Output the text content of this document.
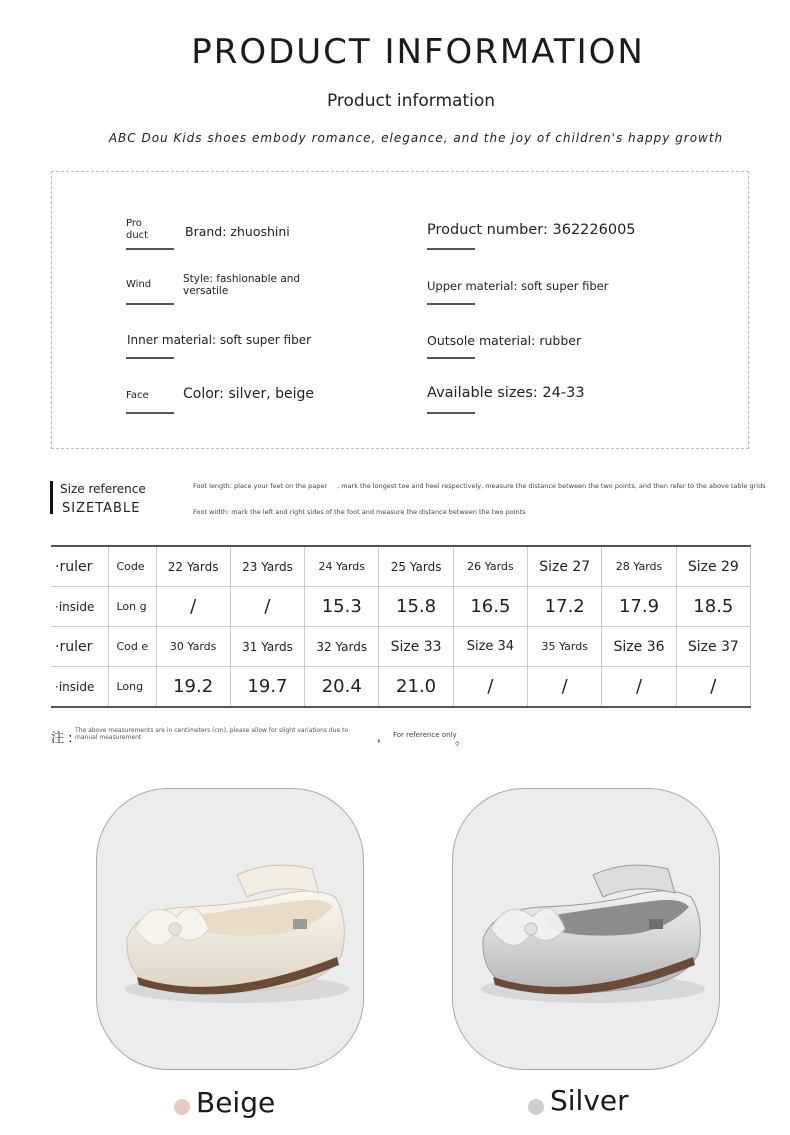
PRODUCT INFORMATION
Product information
ABC Dou Kids shoes embody romance, elegance, and the joy of children's happy growth
Pro duct	Brand: zhuoshini	Product number: 362226005
Wind	Style: fashionable and versatile	Upper material: soft super fiber
Inner material: soft super fiber	Outsole material: rubber
Face Color: silver, beige	Available sizes: 24-33
Size reference
SIZETABLE
Foot length: place your feet on the paper , mark the longest toe and heel respectively, measure the distance between the two points, and then refer to the above table grids
Foot width: mark the left and right sides of the foot and measure the distance between the two points
·ruler	Code	22 Yards	23 Yards	24 Yards	25 Yards	26 Yards	Size 27	28 Yards	Size 29
·inside	Lon g	/	/	15.3	15.8	16.5	17.2	17.9	18.5
·ruler	Cod e	30 Yards	31 Yards	32 Yards	Size 33	Size 34	35 Yards	Size 36	Size 37
·inside	Long	19.2	19.7	20.4	21.0	/	/	/	/
注 :
The above measurements are in centimeters (cm), please allow for slight variations due to manual measurement	, For reference only
。
Beige	Silver
